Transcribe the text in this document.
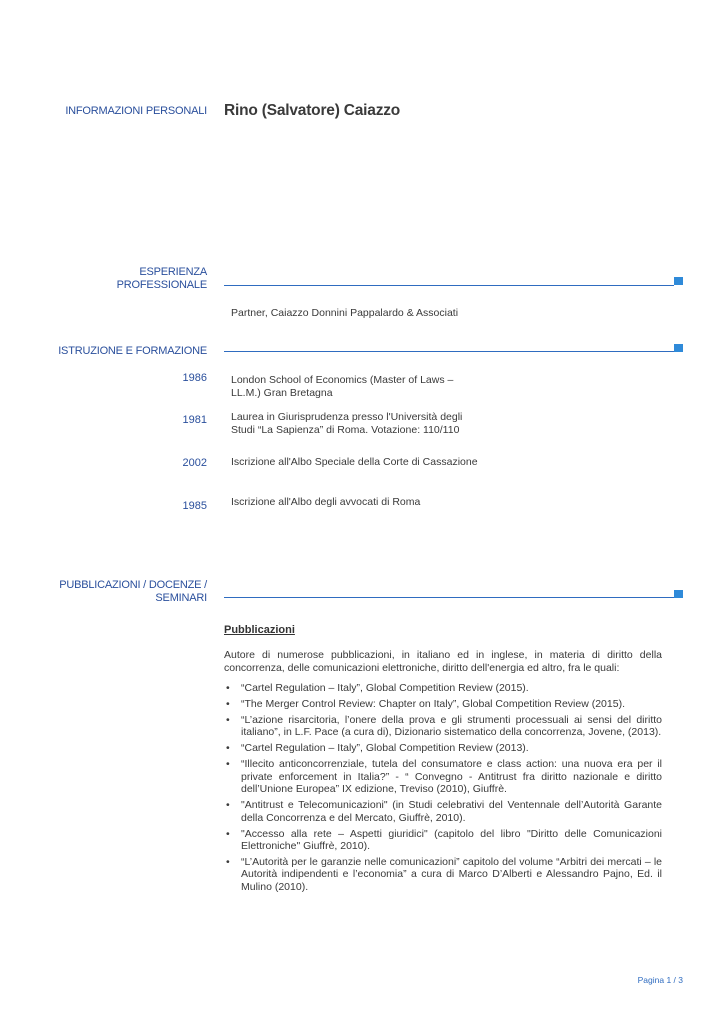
INFORMAZIONI PERSONALI Rino (Salvatore) Caiazzo
ESPERIENZA
PROFESSIONALE
Partner, Caiazzo Donnini Pappalardo & Associati
ISTRUZIONE E FORMAZIONE
1986 London School of Economics (Master of Laws –
LL.M.) Gran Bretagna
1981 Laurea in Giurisprudenza presso l'Università degli
Studi “La Sapienza” di Roma. Votazione: 110/110
2002 Iscrizione all'Albo Speciale della Corte di Cassazione
1985 Iscrizione all'Albo degli avvocati di Roma
PUBBLICAZIONI / DOCENZE /
SEMINARI
Pubblicazioni
Autore di numerose pubblicazioni, in italiano ed in inglese, in materia di diritto della concorrenza, delle comunicazioni elettroniche, diritto dell'energia ed altro, fra le quali:
• “Cartel Regulation – Italy”, Global Competition Review (2015).
• “The Merger Control Review: Chapter on Italy”, Global Competition Review (2015).
• “L’azione risarcitoria, l’onere della prova e gli strumenti processuali ai sensi del diritto italiano”, in L.F. Pace (a cura di), Dizionario sistematico della concorrenza, Jovene, (2013).
• “Cartel Regulation – Italy”, Global Competition Review (2013).
• “Illecito anticoncorrenziale, tutela del consumatore e class action: una nuova era per il private enforcement in Italia?” - “ Convegno - Antitrust fra diritto nazionale e diritto dell’Unione Europea” IX edizione, Treviso (2010), Giuffrè.
• "Antitrust e Telecomunicazioni" (in Studi celebrativi del Ventennale dell’Autorità Garante della Concorrenza e del Mercato, Giuffrè, 2010).
• "Accesso alla rete – Aspetti giuridici" (capitolo del libro "Diritto delle Comunicazioni Elettroniche" Giuffrè, 2010).
• “L’Autorità per le garanzie nelle comunicazioni” capitolo del volume “Arbitri dei mercati – le Autorità indipendenti e l’economia” a cura di Marco D’Alberti e Alessandro Pajno, Ed. il Mulino (2010).
Pagina 1 / 3
